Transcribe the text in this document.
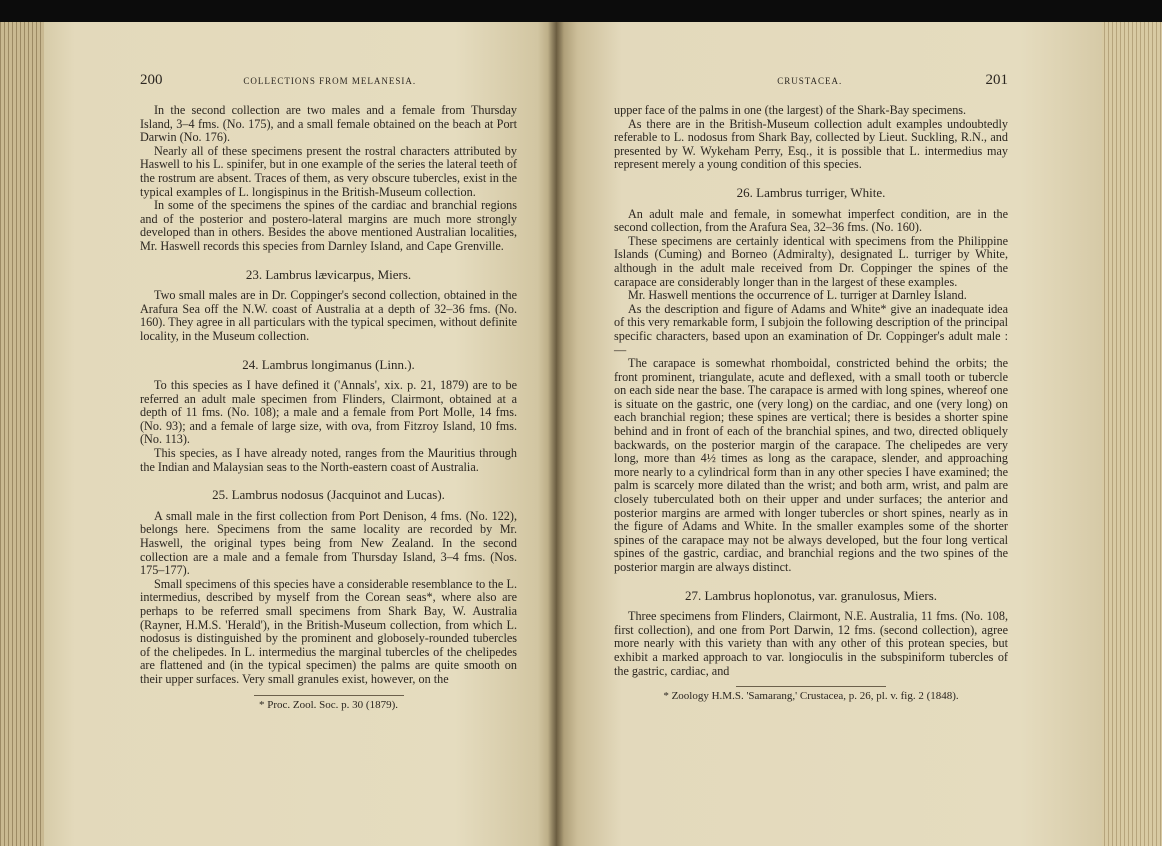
200	COLLECTIONS FROM MELANESIA.

In the second collection are two males and a female from Thursday Island, 3–4 fms. (No. 175), and a small female obtained on the beach at Port Darwin (No. 176).

Nearly all of these specimens present the rostral characters attributed by Haswell to his L. spinifer, but in one example of the series the lateral teeth of the rostrum are absent. Traces of them, as very obscure tubercles, exist in the typical examples of L. longispinus in the British-Museum collection.

In some of the specimens the spines of the cardiac and branchial regions and of the posterior and postero-lateral margins are much more strongly developed than in others. Besides the above mentioned Australian localities, Mr. Haswell records this species from Darnley Island, and Cape Grenville.

23. Lambrus lævicarpus, Miers.

Two small males are in Dr. Coppinger's second collection, obtained in the Arafura Sea off the N.W. coast of Australia at a depth of 32–36 fms. (No. 160). They agree in all particulars with the typical specimen, without definite locality, in the Museum collection.

24. Lambrus longimanus (Linn.).

To this species as I have defined it ('Annals', xix. p. 21, 1879) are to be referred an adult male specimen from Flinders, Clairmont, obtained at a depth of 11 fms. (No. 108); a male and a female from Port Molle, 14 fms. (No. 93); and a female of large size, with ova, from Fitzroy Island, 10 fms. (No. 113).

This species, as I have already noted, ranges from the Mauritius through the Indian and Malaysian seas to the North-eastern coast of Australia.

25. Lambrus nodosus (Jacquinot and Lucas).

A small male in the first collection from Port Denison, 4 fms. (No. 122), belongs here. Specimens from the same locality are recorded by Mr. Haswell, the original types being from New Zealand. In the second collection are a male and a female from Thursday Island, 3–4 fms. (Nos. 175–177).

Small specimens of this species have a considerable resemblance to the L. intermedius, described by myself from the Corean seas*, where also are perhaps to be referred small specimens from Shark Bay, W. Australia (Rayner, H.M.S. 'Herald'), in the British-Museum collection, from which L. nodosus is distinguished by the prominent and globosely-rounded tubercles of the chelipedes. In L. intermedius the marginal tubercles of the chelipedes are flattened and (in the typical specimen) the palms are quite smooth on their upper surfaces. Very small granules exist, however, on the

* Proc. Zool. Soc. p. 30 (1879).
CRUSTACEA.	201

upper face of the palms in one (the largest) of the Shark-Bay specimens.

As there are in the British-Museum collection adult examples undoubtedly referable to L. nodosus from Shark Bay, collected by Lieut. Suckling, R.N., and presented by W. Wykeham Perry, Esq., it is possible that L. intermedius may represent merely a young condition of this species.

26. Lambrus turriger, White.

An adult male and female, in somewhat imperfect condition, are in the second collection, from the Arafura Sea, 32–36 fms. (No. 160).

These specimens are certainly identical with specimens from the Philippine Islands (Cuming) and Borneo (Admiralty), designated L. turriger by White, although in the adult male received from Dr. Coppinger the spines of the carapace are considerably longer than in the largest of these examples.

Mr. Haswell mentions the occurrence of L. turriger at Darnley Island.

As the description and figure of Adams and White* give an inadequate idea of this very remarkable form, I subjoin the following description of the principal specific characters, based upon an examination of Dr. Coppinger's adult male :—

The carapace is somewhat rhomboidal, constricted behind the orbits; the front prominent, triangulate, acute and deflexed, with a small tooth or tubercle on each side near the base. The carapace is armed with long spines, whereof one is situate on the gastric, one (very long) on the cardiac, and one (very long) on each branchial region; these spines are vertical; there is besides a shorter spine behind and in front of each of the branchial spines, and two, directed obliquely backwards, on the posterior margin of the carapace. The chelipedes are very long, more than 4½ times as long as the carapace, slender, and approaching more nearly to a cylindrical form than in any other species I have examined; the palm is scarcely more dilated than the wrist; and both arm, wrist, and palm are closely tuberculated both on their upper and under surfaces; the anterior and posterior margins are armed with longer tubercles or short spines, nearly as in the figure of Adams and White. In the smaller examples some of the shorter spines of the carapace may not be always developed, but the four long vertical spines of the gastric, cardiac, and branchial regions and the two spines of the posterior margin are always distinct.

27. Lambrus hoplonotus, var. granulosus, Miers.

Three specimens from Flinders, Clairmont, N.E. Australia, 11 fms. (No. 108, first collection), and one from Port Darwin, 12 fms. (second collection), agree more nearly with this variety than with any other of this protean species, but exhibit a marked approach to var. longioculis in the subspiniform tubercles of the gastric, cardiac, and

* Zoology H.M.S. 'Samarang,' Crustacea, p. 26, pl. v. fig. 2 (1848).
